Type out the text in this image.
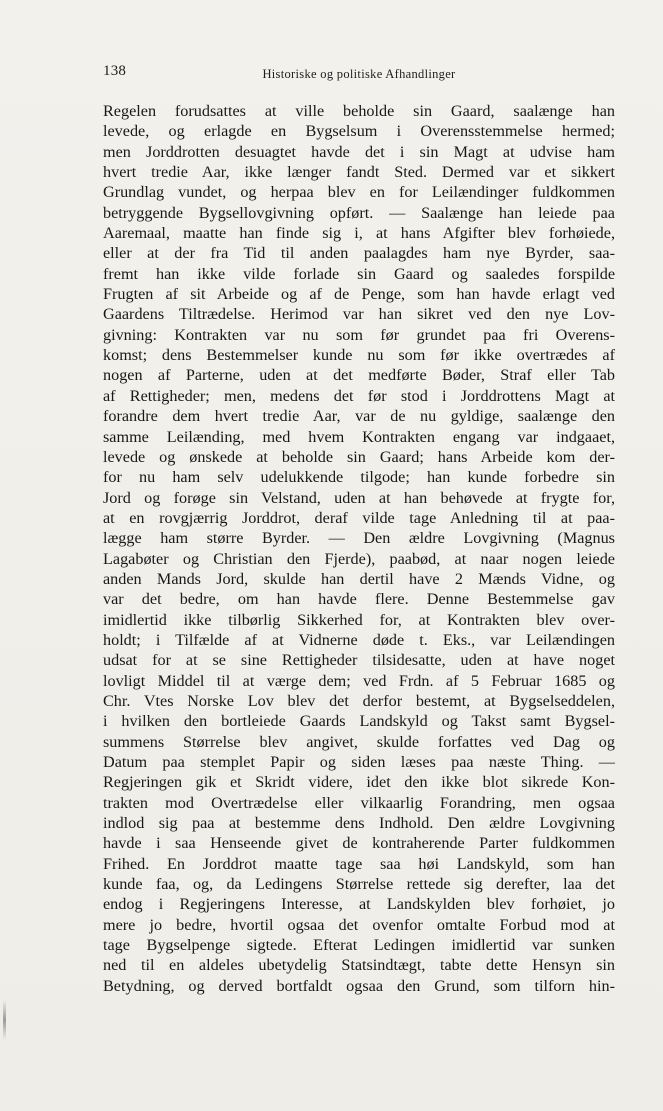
138	Historiske og politiske Afhandlinger
Regelen forudsattes at ville beholde sin Gaard, saalænge han
levede, og erlagde en Bygselsum i Overensstemmelse hermed;
men Jorddrotten desuagtet havde det i sin Magt at udvise ham
hvert tredie Aar, ikke længer fandt Sted. Dermed var et sikkert
Grundlag vundet, og herpaa blev en for Leilændinger fuldkommen
betryggende Bygsellovgivning opført. — Saalænge han leiede paa
Aaremaal, maatte han finde sig i, at hans Afgifter blev forhøiede,
eller at der fra Tid til anden paalagdes ham nye Byrder, saa-
fremt han ikke vilde forlade sin Gaard og saaledes forspilde
Frugten af sit Arbeide og af de Penge, som han havde erlagt ved
Gaardens Tiltrædelse. Herimod var han sikret ved den nye Lov-
givning: Kontrakten var nu som før grundet paa fri Overens-
komst; dens Bestemmelser kunde nu som før ikke overtrædes af
nogen af Parterne, uden at det medførte Bøder, Straf eller Tab
af Rettigheder; men, medens det før stod i Jorddrottens Magt at
forandre dem hvert tredie Aar, var de nu gyldige, saalænge den
samme Leilænding, med hvem Kontrakten engang var indgaaet,
levede og ønskede at beholde sin Gaard; hans Arbeide kom der-
for nu ham selv udelukkende tilgode; han kunde forbedre sin
Jord og forøge sin Velstand, uden at han behøvede at frygte for,
at en rovgjærrig Jorddrot, deraf vilde tage Anledning til at paa-
lægge ham større Byrder. — Den ældre Lovgivning (Magnus
Lagabøter og Christian den Fjerde), paabød, at naar nogen leiede
anden Mands Jord, skulde han dertil have 2 Mænds Vidne, og
var det bedre, om han havde flere. Denne Bestemmelse gav
imidlertid ikke tilbørlig Sikkerhed for, at Kontrakten blev over-
holdt; i Tilfælde af at Vidnerne døde t. Eks., var Leilændingen
udsat for at se sine Rettigheder tilsidesatte, uden at have noget
lovligt Middel til at værge dem; ved Frdn. af 5 Februar 1685 og
Chr. Vtes Norske Lov blev det derfor bestemt, at Bygselseddelen,
i hvilken den bortleiede Gaards Landskyld og Takst samt Bygsel-
summens Størrelse blev angivet, skulde forfattes ved Dag og
Datum paa stemplet Papir og siden læses paa næste Thing. —
Regjeringen gik et Skridt videre, idet den ikke blot sikrede Kon-
trakten mod Overtrædelse eller vilkaarlig Forandring, men ogsaa
indlod sig paa at bestemme dens Indhold. Den ældre Lovgivning
havde i saa Henseende givet de kontraherende Parter fuldkommen
Frihed. En Jorddrot maatte tage saa høi Landskyld, som han
kunde faa, og, da Ledingens Størrelse rettede sig derefter, laa det
endog i Regjeringens Interesse, at Landskylden blev forhøiet, jo
mere jo bedre, hvortil ogsaa det ovenfor omtalte Forbud mod at
tage Bygselpenge sigtede. Efterat Ledingen imidlertid var sunken
ned til en aldeles ubetydelig Statsindtægt, tabte dette Hensyn sin
Betydning, og derved bortfaldt ogsaa den Grund, som tilforn hin-
